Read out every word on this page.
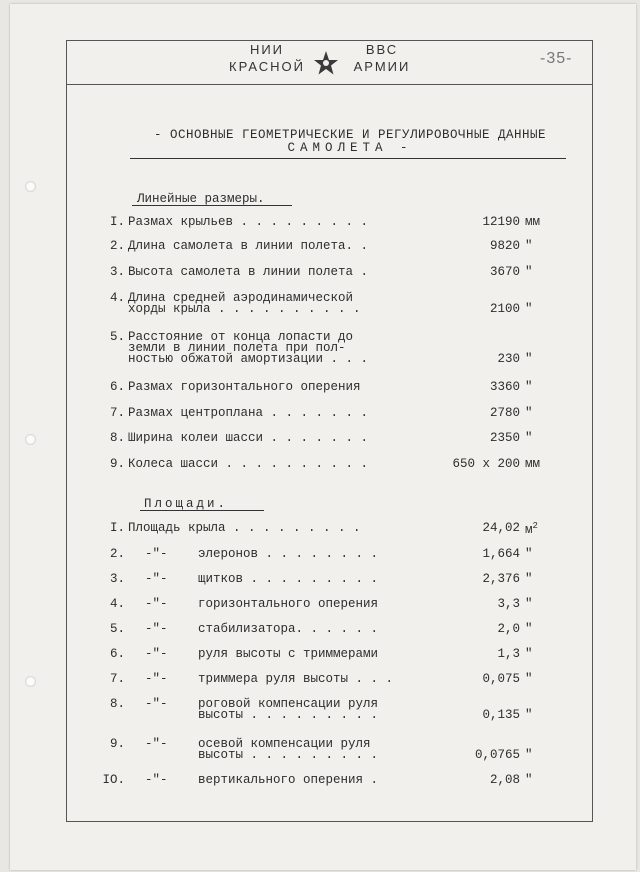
НИИ
КРАСНОЙ
ВВС
АРМИИ	-35-
- ОСНОВНЫЕ ГЕОМЕТРИЧЕСКИЕ И РЕГУЛИРОВОЧНЫЕ ДАННЫЕ
САМОЛЕТА -
Линейные размеры.
I. Размах крыльев . . . . . . . . .	12190 мм
2. Длина самолета в линии полета. .	9820 "
3. Высота самолета в линии полета .	3670 "
4. Длина средней аэродинамической
хорды крыла . . . . . . . . . .	2100 "
5. Расстояние от конца лопасти до
земли в линии полета при пол-
ностью обжатой амортизации . . .	230 "
6. Размах горизонтального оперения	3360 "
7. Размах центроплана . . . . . . .	2780 "
8. Ширина колеи шасси . . . . . . .	2350 "
9. Колеса шасси . . . . . . . . . .	650 x 200 мм
Площади.
I. Площадь крыла . . . . . . . . .	24,02 $м^2$
2. -"- элеронов . . . . . . . .	1,664 "
3. -"- щитков . . . . . . . . .	2,376 "
4. -"- горизонтального оперения	3,3 "
5. -"- стабилизатора. . . . . .	2,0 "
6. -"- руля высоты с триммерами	1,3 "
7. -"- триммера руля высоты . . .	0,075 "
8. -"- роговой компенсации руля
высоты . . . . . . . . .	0,135 "
9. -"- осевой компенсации руля
высоты . . . . . . . . .	0,0765 "
IO. -"- вертикального оперения .	2,08 "
